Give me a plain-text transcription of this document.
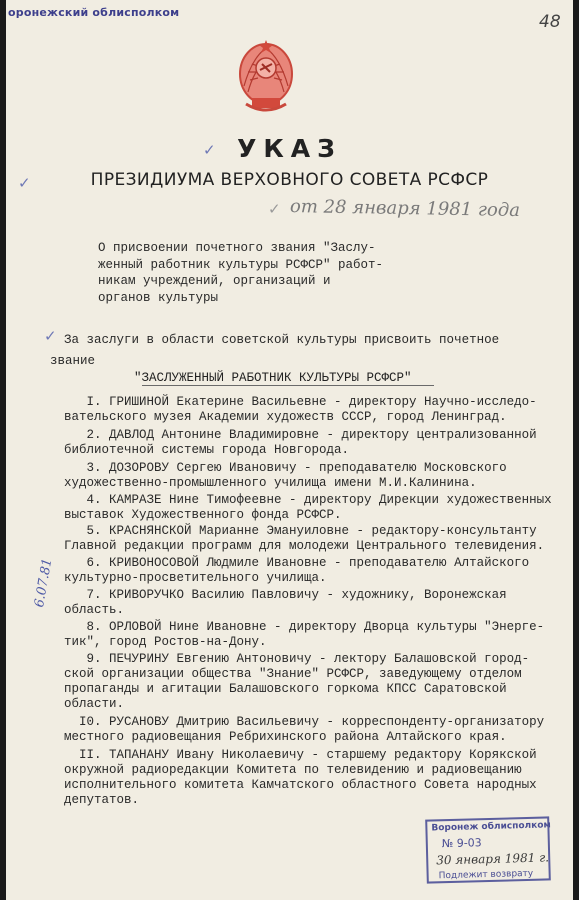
оронежский облисполком	48

✓ УКАЗ

✓	ПРЕЗИДИУМА ВЕРХОВНОГО СОВЕТА РСФСР

✓ от 28 января 1981 года

О присвоении почетного звания "Заслу-
женный работник культуры РСФСР" работ-
никам учреждений, организаций и
органов культуры

✓ За заслуги в области советской культуры присвоить почетное

звание

"ЗАСЛУЖЕННЫЙ РАБОТНИК КУЛЬТУРЫ РСФСР"

I. ГРИШИНОЙ Екатерине Васильевне - директору Научно-исследо-

вательского музея Академии художеств СССР, город Ленинград.

2. ДАВЛОД Антонине Владимировне - директору централизованной

библиотечной системы города Новгорода.

3. ДОЗОРОВУ Сергею Ивановичу - преподавателю Московского

художественно-промышленного училища имени М.И.Калинина.

4. КАМРАЗЕ Нине Тимофеевне - директору Дирекции художественных

выставок Художественного фонда РСФСР.

5. КРАСНЯНСКОЙ Марианне Эмануиловне - редактору-консультанту

Главной редакции программ для молодежи Центрального телевидения.

6. КРИВОНОСОВОЙ Людмиле Ивановне - преподавателю Алтайского

культурно-просветительного училища.

7. КРИВОРУЧКО Василию Павловичу - художнику, Воронежская

область.

8. ОРЛОВОЙ Нине Ивановне - директору Дворца культуры "Энерге-

тик", город Ростов-на-Дону.

9. ПЕЧУРИНУ Евгению Антоновичу - лектору Балашовской город-

ской организации общества "Знание" РСФСР, заведующему отделом

пропаганды и агитации Балашовского горкома КПСС Саратовской

области.

I0. РУСАНОВУ Дмитрию Васильевичу - корреспонденту-организатору

местного радиовещания Ребрихинского района Алтайского края.

II. ТАПАНАНУ Ивану Николаевичу - старшему редактору Корякской

окружной радиоредакции Комитета по телевидению и радиовещанию

исполнительного комитета Камчатского областного Совета народных

депутатов.

6.07.81

Воронеж облисполком
№ 9-03
30 января 1981 г.
Подлежит возврату
